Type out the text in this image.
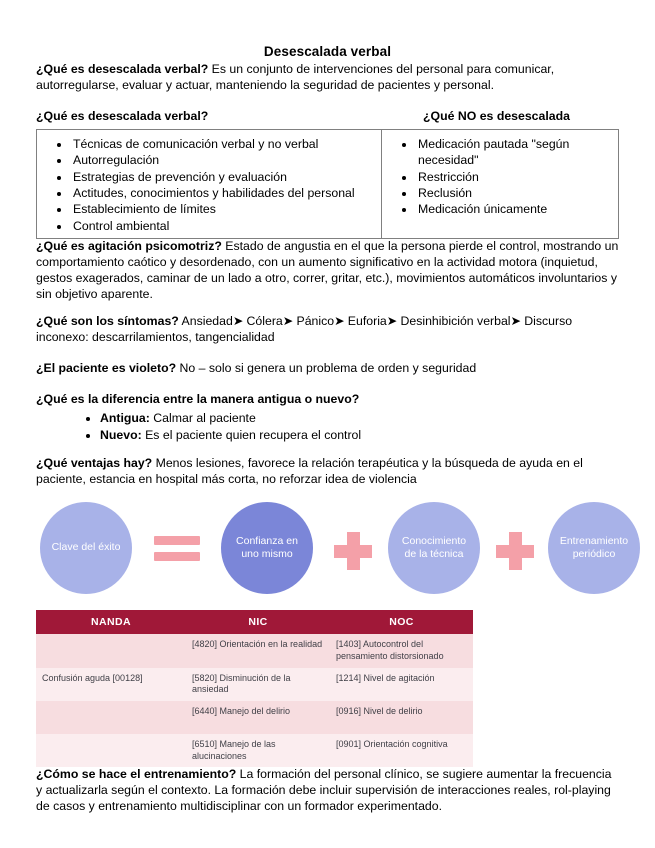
Desescalada verbal

¿Qué es desescalada verbal? Es un conjunto de intervenciones del personal para comunicar, autorregularse, evaluar y actuar, manteniendo la seguridad de pacientes y personal.

¿Qué es desescalada verbal?	¿Qué NO es desescalada
• Técnicas de comunicación verbal y no verbal
• Autorregulación
• Estrategias de prevención y evaluación
• Actitudes, conocimientos y habilidades del personal
• Establecimiento de límites
• Control ambiental

• Medicación pautada "según necesidad"
• Restricción
• Reclusión
• Medicación únicamente

¿Qué es agitación psicomotriz? Estado de angustia en el que la persona pierde el control, mostrando un comportamiento caótico y desordenado, con un aumento significativo en la actividad motora (inquietud, gestos exagerados, caminar de un lado a otro, correr, gritar, etc.), movimientos automáticos involuntarios y sin objetivo aparente.

¿Qué son los síntomas? Ansiedad➤ Cólera➤ Pánico➤ Euforia➤ Desinhibición verbal➤ Discurso inconexo: descarrilamientos, tangencialidad

¿El paciente es violeto? No – solo si genera un problema de orden y seguridad

¿Qué es la diferencia entre la manera antigua o nuevo?

• Antigua: Calmar al paciente
• Nuevo: Es el paciente quien recupera el control

¿Qué ventajas hay? Menos lesiones, favorece la relación terapéutica y la búsqueda de ayuda en el paciente, estancia en hospital más corta, no reforzar idea de violencia

Clave del éxito
Confianza en uno mismo
Conocimiento de la técnica
Entrenamiento periódico
NANDA	NIC	NOC
	[4820] Orientación en la realidad	[1403] Autocontrol del pensamiento distorsionado
Confusión aguda [00128]	[5820] Disminución de la ansiedad	[1214] Nivel de agitación
	[6440] Manejo del delirio	[0916] Nivel de delirio
	[6510] Manejo de las alucinaciones	[0901] Orientación cognitiva

¿Cómo se hace el entrenamiento? La formación del personal clínico, se sugiere aumentar la frecuencia y actualizarla según el contexto. La formación debe incluir supervisión de interacciones reales, rol-playing de casos y entrenamiento multidisciplinar con un formador experimentado.
